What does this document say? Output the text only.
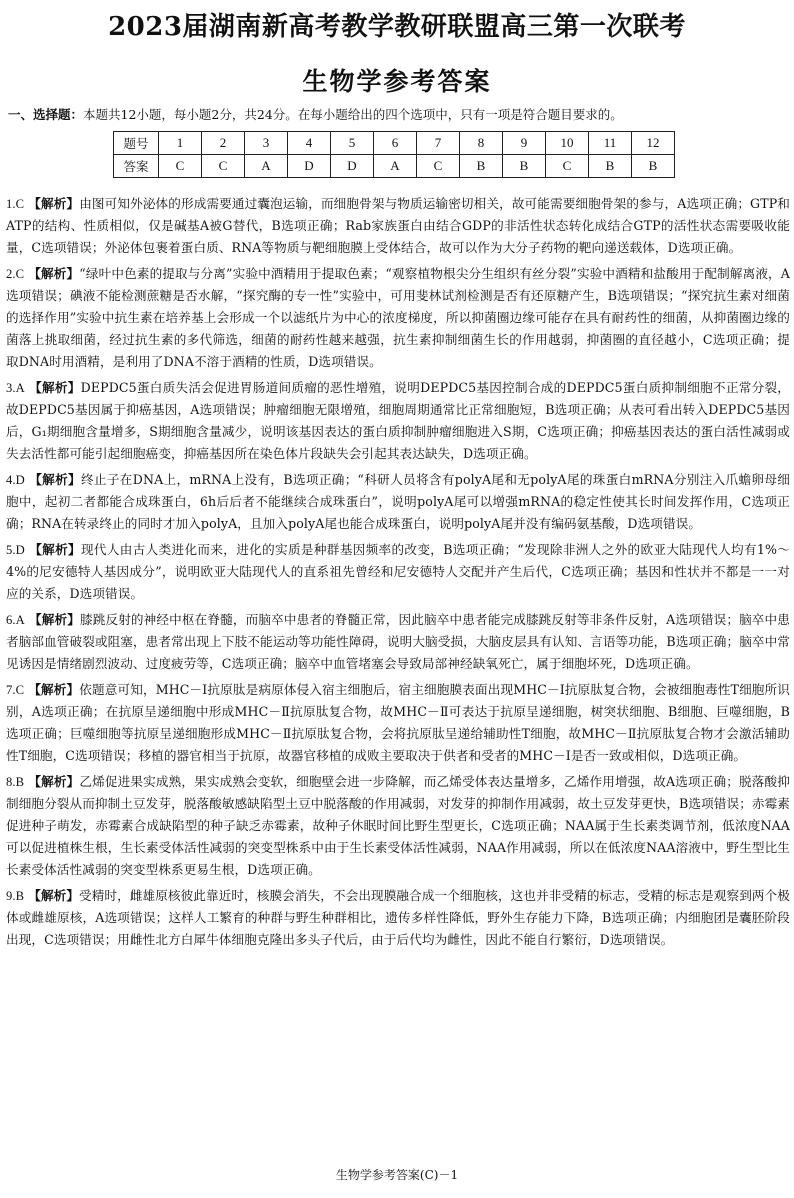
2023届湖南新高考教学教研联盟高三第一次联考
生物学参考答案
一、选择题：本题共12小题，每小题2分，共24分。在每小题给出的四个选项中，只有一项是符合题目要求的。
题号	1	2	3	4	5	6	7	8	9	10	11	12
答案	C	C	A	D	D	A	C	B	B	C	B	B

1.C 【解析】由图可知外泌体的形成需要通过囊泡运输，而细胞骨架与物质运输密切相关，故可能需要细胞骨架的参与，A选项正确；GTP和ATP的结构、性质相似，仅是碱基A被G替代，B选项正确；Rab家族蛋白由结合GDP的非活性状态转化成结合GTP的活性状态需要吸收能量，C选项错误；外泌体包裹着蛋白质、RNA等物质与靶细胞膜上受体结合，故可以作为大分子药物的靶向递送载体，D选项正确。

2.C 【解析】“绿叶中色素的提取与分离”实验中酒精用于提取色素；“观察植物根尖分生组织有丝分裂”实验中酒精和盐酸用于配制解离液，A选项错误；碘液不能检测蔗糖是否水解，“探究酶的专一性”实验中，可用斐林试剂检测是否有还原糖产生，B选项错误；“探究抗生素对细菌的选择作用”实验中抗生素在培养基上会形成一个以滤纸片为中心的浓度梯度，所以抑菌圈边缘可能存在具有耐药性的细菌，从抑菌圈边缘的菌落上挑取细菌，经过抗生素的多代筛选，细菌的耐药性越来越强，抗生素抑制细菌生长的作用越弱，抑菌圈的直径越小，C选项正确；提取DNA时用酒精，是利用了DNA不溶于酒精的性质，D选项错误。

3.A 【解析】DEPDC5蛋白质失活会促进胃肠道间质瘤的恶性增殖，说明DEPDC5基因控制合成的DEPDC5蛋白质抑制细胞不正常分裂，故DEPDC5基因属于抑癌基因，A选项错误；肿瘤细胞无限增殖，细胞周期通常比正常细胞短，B选项正确；从表可看出转入DEPDC5基因后，G₁期细胞含量增多，S期细胞含量减少，说明该基因表达的蛋白质抑制肿瘤细胞进入S期，C选项正确；抑癌基因表达的蛋白活性减弱或失去活性都可能引起细胞癌变，抑癌基因所在染色体片段缺失会引起其表达缺失，D选项正确。

4.D 【解析】终止子在DNA上，mRNA上没有，B选项正确；“科研人员将含有polyA尾和无polyA尾的珠蛋白mRNA分别注入爪蟾卵母细胞中，起初二者都能合成珠蛋白，6h后后者不能继续合成珠蛋白”，说明polyA尾可以增强mRNA的稳定性使其长时间发挥作用，C选项正确；RNA在转录终止的同时才加入polyA，且加入polyA尾也能合成珠蛋白，说明polyA尾并没有编码氨基酸，D选项错误。

5.D 【解析】现代人由古人类进化而来，进化的实质是种群基因频率的改变，B选项正确；“发现除非洲人之外的欧亚大陆现代人均有1%～4%的尼安德特人基因成分”，说明欧亚大陆现代人的直系祖先曾经和尼安德特人交配并产生后代，C选项正确；基因和性状并不都是一一对应的关系，D选项错误。

6.A 【解析】膝跳反射的神经中枢在脊髓，而脑卒中患者的脊髓正常，因此脑卒中患者能完成膝跳反射等非条件反射，A选项错误；脑卒中患者脑部血管破裂或阻塞，患者常出现上下肢不能运动等功能性障碍，说明大脑受损，大脑皮层具有认知、言语等功能，B选项正确；脑卒中常见诱因是情绪剧烈波动、过度疲劳等，C选项正确；脑卒中血管堵塞会导致局部神经缺氧死亡，属于细胞坏死，D选项正确。

7.C 【解析】依题意可知，MHC－Ⅰ抗原肽是病原体侵入宿主细胞后，宿主细胞膜表面出现MHC－Ⅰ抗原肽复合物，会被细胞毒性T细胞所识别，A选项正确；在抗原呈递细胞中形成MHC－Ⅱ抗原肽复合物，故MHC－Ⅱ可表达于抗原呈递细胞，树突状细胞、B细胞、巨噬细胞，B选项正确；巨噬细胞等抗原呈递细胞形成MHC－Ⅱ抗原肽复合物，会将抗原肽呈递给辅助性T细胞，故MHC－Ⅱ抗原肽复合物才会激活辅助性T细胞，C选项错误；移植的器官相当于抗原，故器官移植的成败主要取决于供者和受者的MHC－Ⅰ是否一致或相似，D选项正确。

8.B 【解析】乙烯促进果实成熟，果实成熟会变软，细胞壁会进一步降解，而乙烯受体表达量增多，乙烯作用增强，故A选项正确；脱落酸抑制细胞分裂从而抑制土豆发芽，脱落酸敏感缺陷型土豆中脱落酸的作用减弱，对发芽的抑制作用减弱，故土豆发芽更快，B选项错误；赤霉素促进种子萌发，赤霉素合成缺陷型的种子缺乏赤霉素，故种子休眠时间比野生型更长，C选项正确；NAA属于生长素类调节剂，低浓度NAA可以促进植株生根，生长素受体活性减弱的突变型株系中由于生长素受体活性减弱，NAA作用减弱，所以在低浓度NAA溶液中，野生型比生长素受体活性减弱的突变型株系更易生根，D选项正确。

9.B 【解析】受精时，雌雄原核彼此靠近时，核膜会消失，不会出现膜融合成一个细胞核，这也并非受精的标志，受精的标志是观察到两个极体或雌雄原核，A选项错误；这样人工繁育的种群与野生种群相比，遗传多样性降低，野外生存能力下降，B选项正确；内细胞团是囊胚阶段出现，C选项错误；用雌性北方白犀牛体细胞克隆出多头子代后，由于后代均为雌性，因此不能自行繁衍，D选项错误。

生物学参考答案(C)－1
